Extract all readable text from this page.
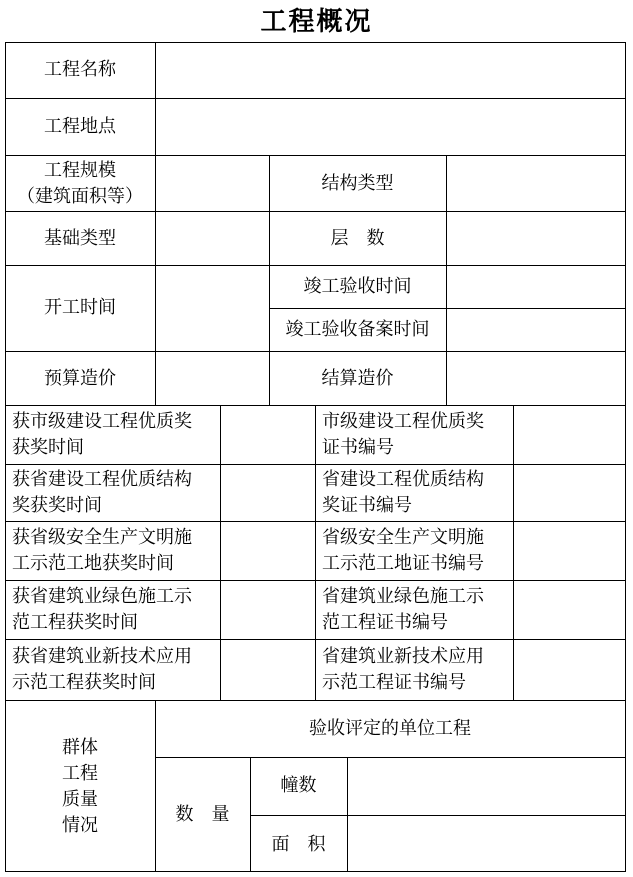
工程概况
工程名称
工程地点
工程规模
（建筑面积等）
结构类型
基础类型	层　数
开工时间
竣工验收时间
竣工验收备案时间
预算造价	结算造价
获市级建设工程优质奖
获奖时间
市级建设工程优质奖
证书编号
获省建设工程优质结构
奖获奖时间
省建设工程优质结构
奖证书编号
获省级安全生产文明施
工示范工地获奖时间
省级安全生产文明施
工示范工地证书编号
获省建筑业绿色施工示
范工程获奖时间
省建筑业绿色施工示
范工程证书编号
获省建筑业新技术应用
示范工程获奖时间
省建筑业新技术应用
示范工程证书编号
群体
工程
质量
情况
验收评定的单位工程
数　量
幢数
面　积
